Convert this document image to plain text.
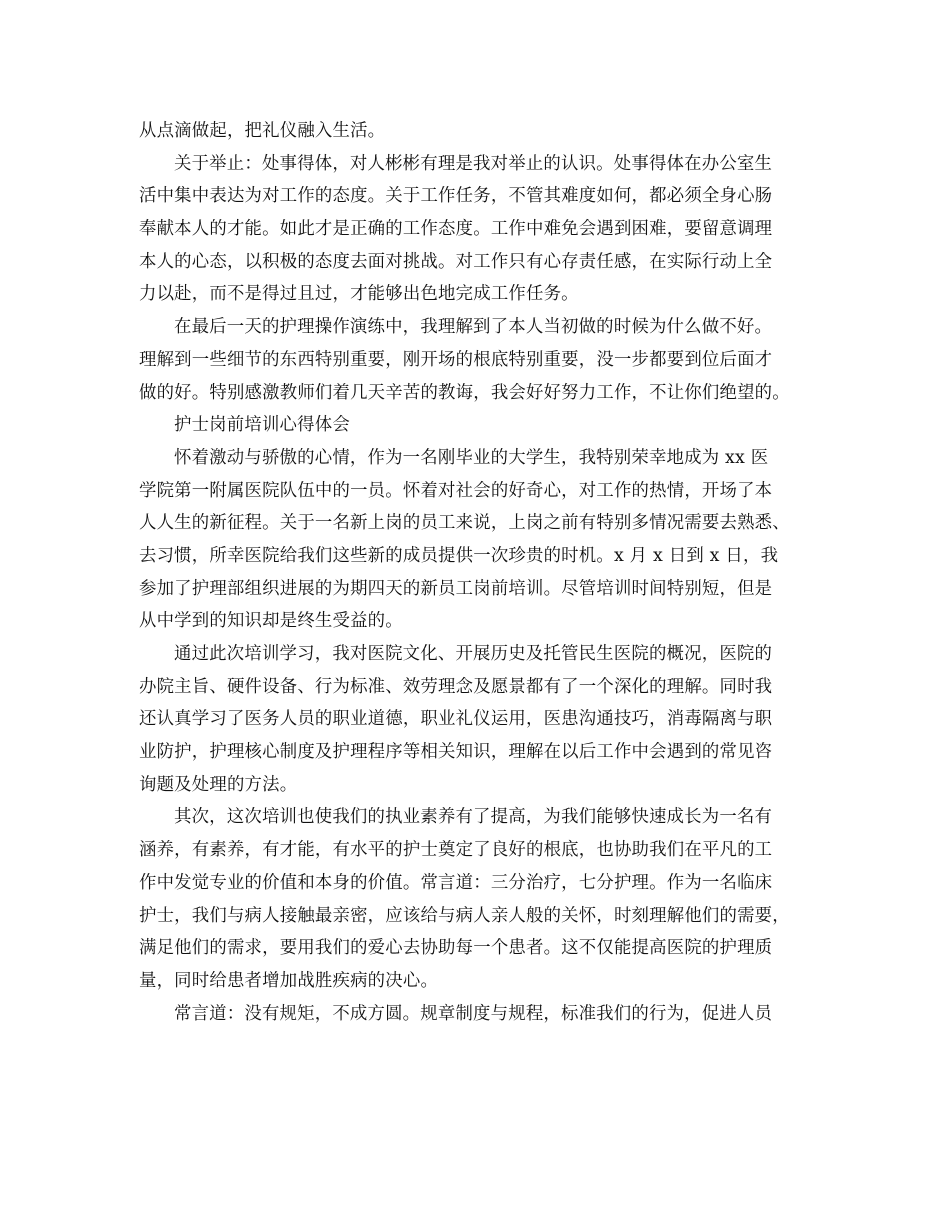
从点滴做起，把礼仪融入生活。
关于举止：处事得体，对人彬彬有理是我对举止的认识。处事得体在办公室生
活中集中表达为对工作的态度。关于工作任务，不管其难度如何，都必须全身心肠
奉献本人的才能。如此才是正确的工作态度。工作中难免会遇到困难，要留意调理
本人的心态，以积极的态度去面对挑战。对工作只有心存责任感，在实际行动上全
力以赴，而不是得过且过，才能够出色地完成工作任务。
在最后一天的护理操作演练中，我理解到了本人当初做的时候为什么做不好。
理解到一些细节的东西特别重要，刚开场的根底特别重要，没一步都要到位后面才
做的好。特别感激教师们着几天辛苦的教诲，我会好好努力工作，不让你们绝望的。
护士岗前培训心得体会
怀着激动与骄傲的心情，作为一名刚毕业的大学生，我特别荣幸地成为 xx 医
学院第一附属医院队伍中的一员。怀着对社会的好奇心，对工作的热情，开场了本
人人生的新征程。关于一名新上岗的员工来说，上岗之前有特别多情况需要去熟悉、
去习惯，所幸医院给我们这些新的成员提供一次珍贵的时机。x 月 x 日到 x 日，我
参加了护理部组织进展的为期四天的新员工岗前培训。尽管培训时间特别短，但是
从中学到的知识却是终生受益的。
通过此次培训学习，我对医院文化、开展历史及托管民生医院的概况，医院的
办院主旨、硬件设备、行为标准、效劳理念及愿景都有了一个深化的理解。同时我
还认真学习了医务人员的职业道德，职业礼仪运用，医患沟通技巧，消毒隔离与职
业防护，护理核心制度及护理程序等相关知识，理解在以后工作中会遇到的常见咨
询题及处理的方法。
其次，这次培训也使我们的执业素养有了提高，为我们能够快速成长为一名有
涵养，有素养，有才能，有水平的护士奠定了良好的根底，也协助我们在平凡的工
作中发觉专业的价值和本身的价值。常言道：三分治疗，七分护理。作为一名临床
护士，我们与病人接触最亲密，应该给与病人亲人般的关怀，时刻理解他们的需要，
满足他们的需求，要用我们的爱心去协助每一个患者。这不仅能提高医院的护理质
量，同时给患者增加战胜疾病的决心。
常言道：没有规矩，不成方圆。规章制度与规程，标准我们的行为，促进人员
